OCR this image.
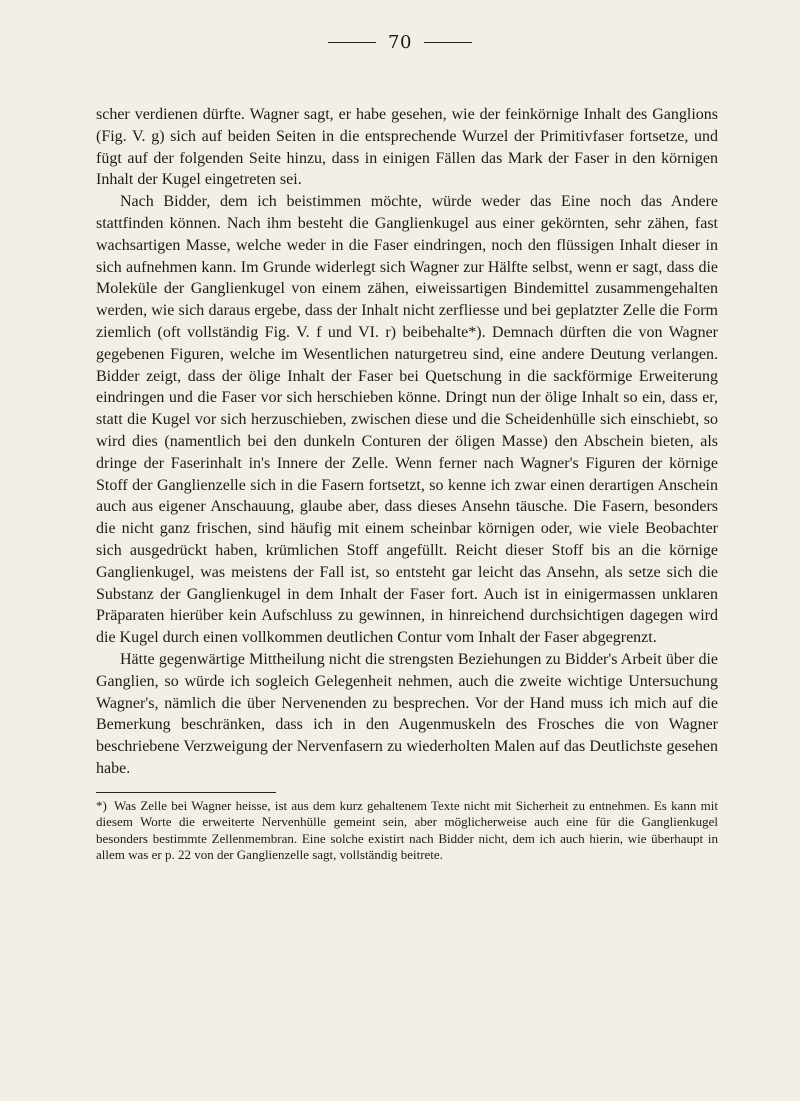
70

scher verdienen dürfte. Wagner sagt, er habe gesehen, wie der feinkörnige Inhalt des Ganglions (Fig. V. g) sich auf beiden Seiten in die entsprechende Wurzel der Primitivfaser fortsetze, und fügt auf der folgenden Seite hinzu, dass in einigen Fällen das Mark der Faser in den körnigen Inhalt der Kugel eingetreten sei.

Nach Bidder, dem ich beistimmen möchte, würde weder das Eine noch das Andere stattfinden können. Nach ihm besteht die Ganglienkugel aus einer gekörnten, sehr zähen, fast wachsartigen Masse, welche weder in die Faser eindringen, noch den flüssigen Inhalt dieser in sich aufnehmen kann. Im Grunde widerlegt sich Wagner zur Hälfte selbst, wenn er sagt, dass die Moleküle der Ganglienkugel von einem zähen, eiweissartigen Bindemittel zusammengehalten werden, wie sich daraus ergebe, dass der Inhalt nicht zerfliesse und bei geplatzter Zelle die Form ziemlich (oft vollständig Fig. V. f und VI. r) beibehalte*). Demnach dürften die von Wagner gegebenen Figuren, welche im Wesentlichen naturgetreu sind, eine andere Deutung verlangen. Bidder zeigt, dass der ölige Inhalt der Faser bei Quetschung in die sackförmige Erweiterung eindringen und die Faser vor sich herschieben könne. Dringt nun der ölige Inhalt so ein, dass er, statt die Kugel vor sich herzuschieben, zwischen diese und die Scheidenhülle sich einschiebt, so wird dies (namentlich bei den dunkeln Conturen der öligen Masse) den Abschein bieten, als dringe der Faserinhalt in's Innere der Zelle. Wenn ferner nach Wagner's Figuren der körnige Stoff der Ganglienzelle sich in die Fasern fortsetzt, so kenne ich zwar einen derartigen Anschein auch aus eigener Anschauung, glaube aber, dass dieses Ansehn täusche. Die Fasern, besonders die nicht ganz frischen, sind häufig mit einem scheinbar körnigen oder, wie viele Beobachter sich ausgedrückt haben, krümlichen Stoff angefüllt. Reicht dieser Stoff bis an die körnige Ganglienkugel, was meistens der Fall ist, so entsteht gar leicht das Ansehn, als setze sich die Substanz der Ganglienkugel in dem Inhalt der Faser fort. Auch ist in einigermassen unklaren Präparaten hierüber kein Aufschluss zu gewinnen, in hinreichend durchsichtigen dagegen wird die Kugel durch einen vollkommen deutlichen Contur vom Inhalt der Faser abgegrenzt.

Hätte gegenwärtige Mittheilung nicht die strengsten Beziehungen zu Bidder's Arbeit über die Ganglien, so würde ich sogleich Gelegenheit nehmen, auch die zweite wichtige Untersuchung Wagner's, nämlich die über Nervenenden zu besprechen. Vor der Hand muss ich mich auf die Bemerkung beschränken, dass ich in den Augenmuskeln des Frosches die von Wagner beschriebene Verzweigung der Nervenfasern zu wiederholten Malen auf das Deutlichste gesehen habe.

*) Was Zelle bei Wagner heisse, ist aus dem kurz gehaltenem Texte nicht mit Sicherheit zu entnehmen. Es kann mit diesem Worte die erweiterte Nervenhülle gemeint sein, aber möglicherweise auch eine für die Ganglienkugel besonders bestimmte Zellenmembran. Eine solche existirt nach Bidder nicht, dem ich auch hierin, wie überhaupt in allem was er p. 22 von der Ganglienzelle sagt, vollständig beitrete.
